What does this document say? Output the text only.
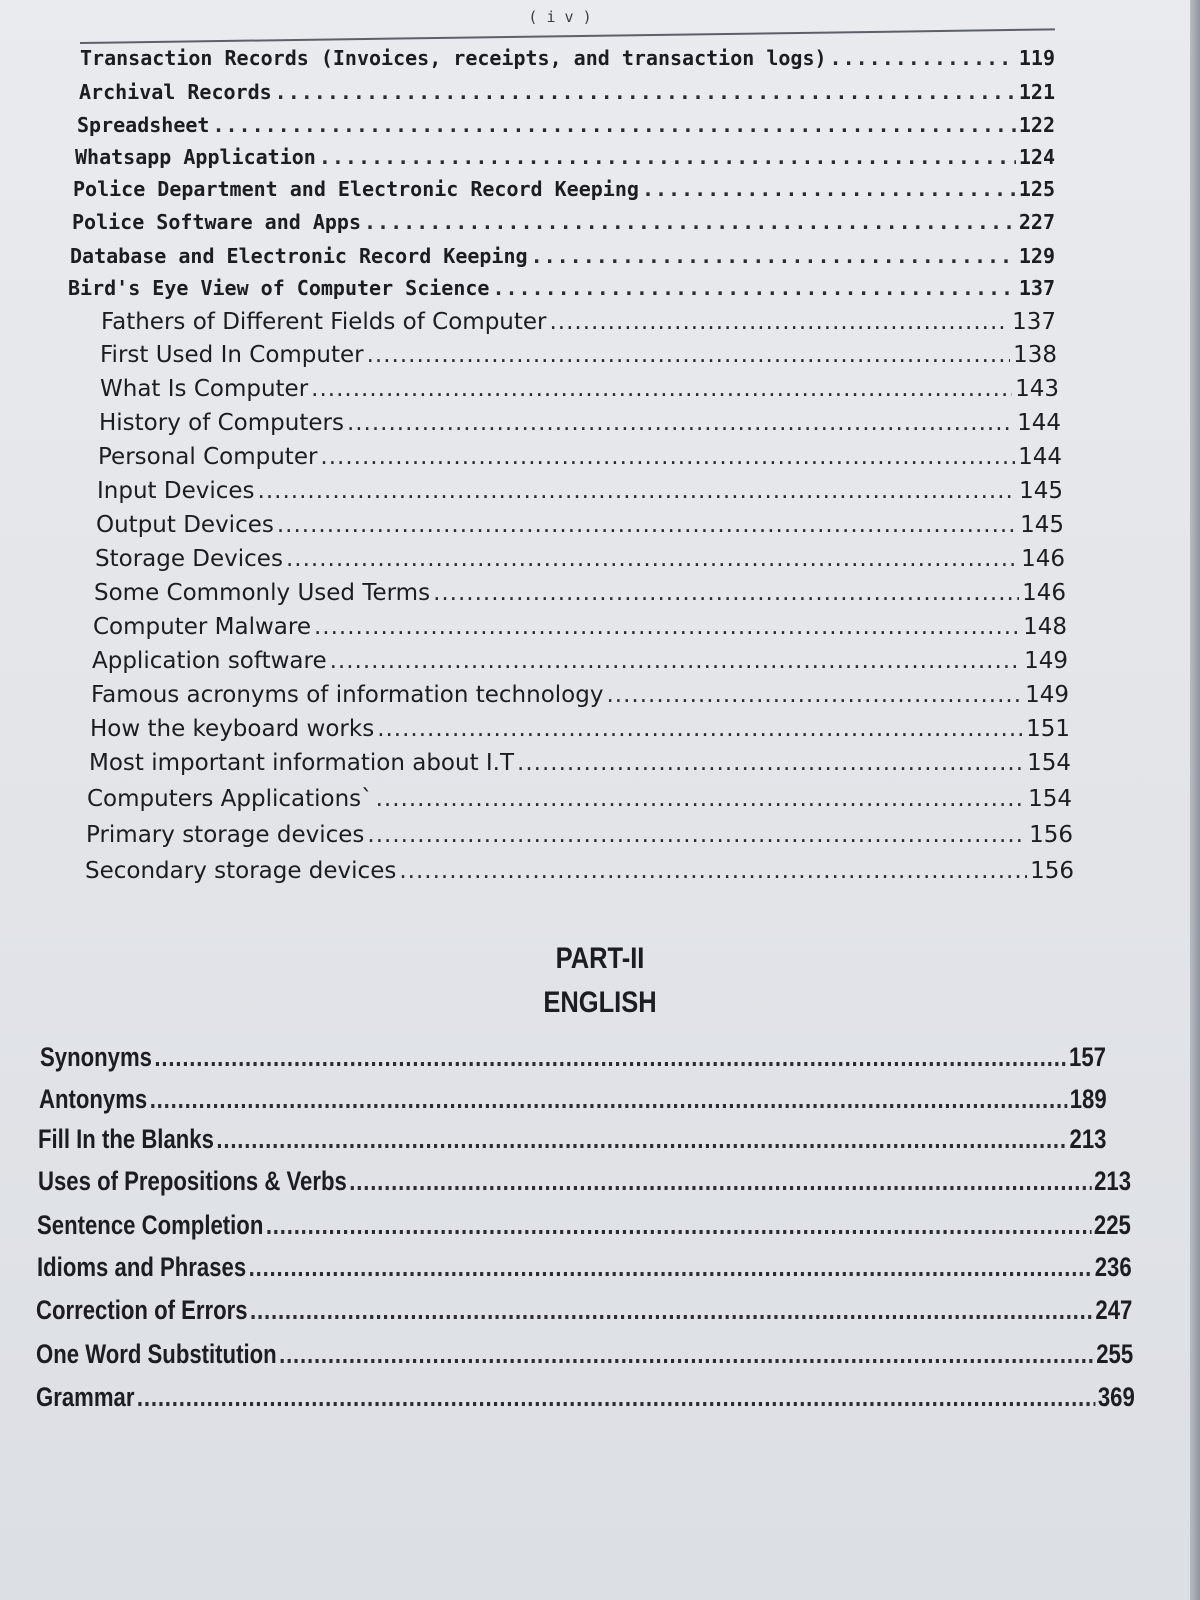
( i v )
Transaction Records (Invoices, receipts, and transaction logs) .....	119
Archival Records .....	121
Spreadsheet .....	122
Whatsapp Application .....	124
Police Department and Electronic Record Keeping .....	125
Police Software and Apps .....	227
Database and Electronic Record Keeping .....	129
Bird's Eye View of Computer Science .....	137
Fathers of Different Fields of Computer .....	137
First Used In Computer .....	138
What Is Computer .....	143
History of Computers .....	144
Personal Computer .....	144
Input Devices .....	145
Output Devices .....	145
Storage Devices .....	146
Some Commonly Used Terms .....	146
Computer Malware .....	148
Application software .....	149
Famous acronyms of information technology .....	149
How the keyboard works .....	151
Most important information about I.T .....	154
Computers Applications` .....	154
Primary storage devices .....	156
Secondary storage devices .....	156
PART-II
ENGLISH
Synonyms .....	157
Antonyms .....	189
Fill In the Blanks .....	213
Uses of Prepositions & Verbs .....	213
Sentence Completion .....	225
Idioms and Phrases .....	236
Correction of Errors .....	247
One Word Substitution .....	255
Grammar .....	369
